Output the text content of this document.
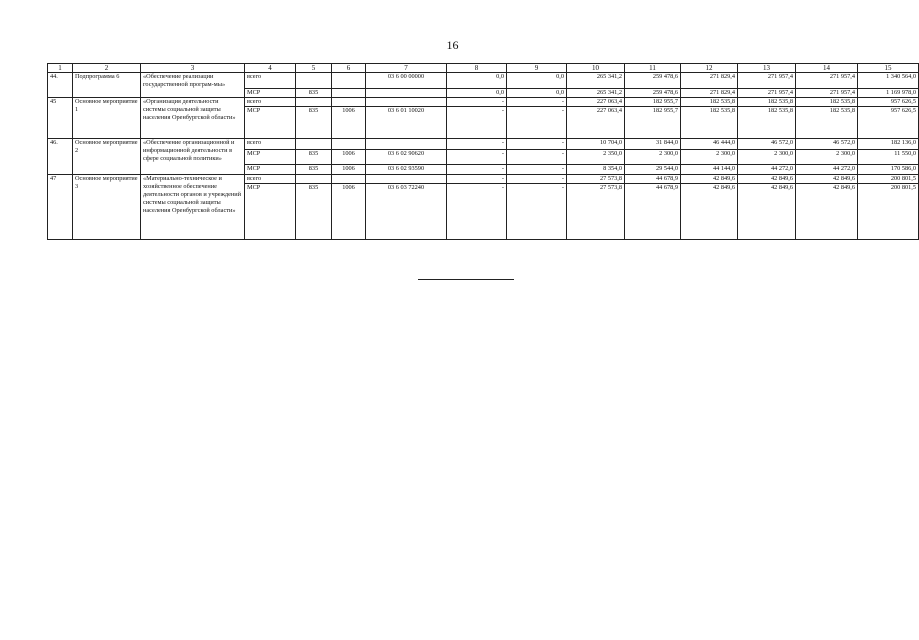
16
1	2	3	4	5	6	7	8	9	10	11	12	13	14	15
44.	Подпрограмма 6	«Обеспечение реализации государственной програм-мы»	всего			03 6 00 00000	0,0	0,0	265 341,2	259 478,6	271 829,4	271 957,4	271 957,4	1 340 564,0
			МСР	835			0,0	0,0	265 341,2	259 478,6	271 829,4	271 957,4	271 957,4	1 169 978,0
45	Основное мероприятие 1	«Организация деятельности системы социальной защиты населения Оренбургской области»	всего				-	-	227 063,4	182 955,7	182 535,8	182 535,8	182 535,8	957 626,5
			МСР	835	1006	03 6 01 10020	-	-	227 063,4	182 955,7	182 535,8	182 535,8	182 535,8	957 626,5
46.	Основное мероприятие 2	«Обеспечение организационной и информационной деятельности в сфере социальной политики»	всего				-	-	10 704,0	31 844,0	46 444,0	46 572,0	46 572,0	182 136,0
			МСР	835	1006	03 6 02 90620	-	-	2 350,0	2 300,0	2 300,0	2 300,0	2 300,0	11 550,0
			МСР	835	1006	03 6 02 93590	-	-	8 354,0	29 544,0	44 144,0	44 272,0	44 272,0	170 586,0
47	Основное мероприятие 3	«Материально-техническое и хозяйственное обеспечение деятельности органов и учреждений системы социальной защиты населения Оренбургской области»	всего				-	-	27 573,8	44 678,9	42 849,6	42 849,6	42 849,6	200 801,5
			МСР	835	1006	03 6 03 72240	-	-	27 573,8	44 678,9	42 849,6	42 849,6	42 849,6	200 801,5
